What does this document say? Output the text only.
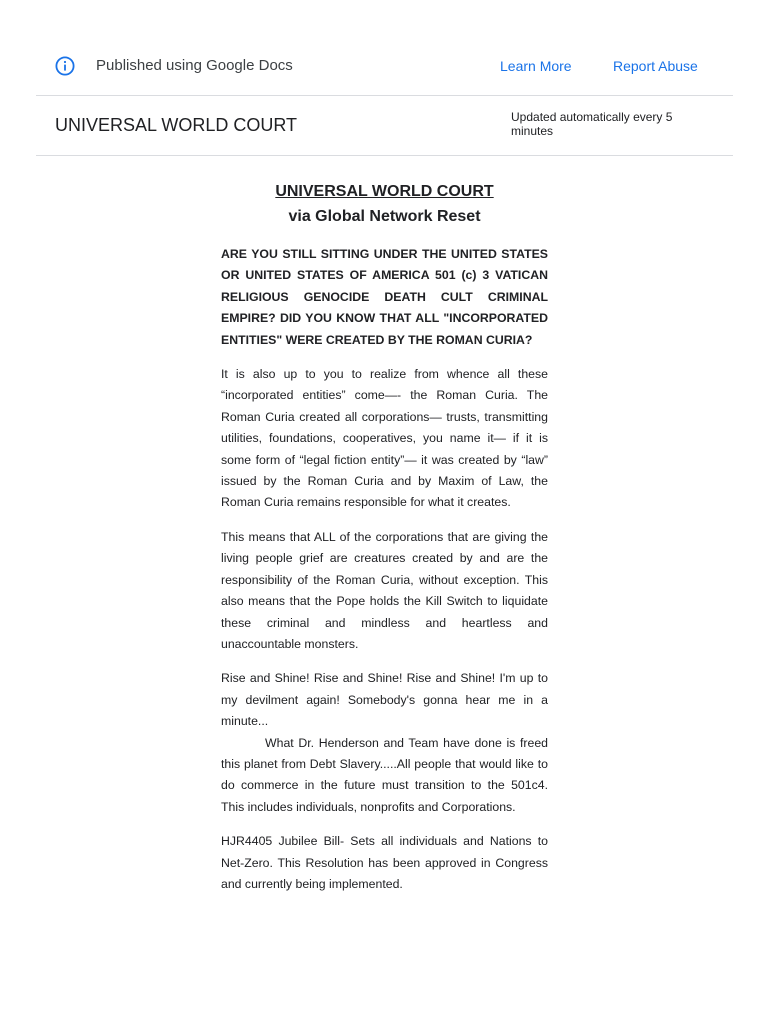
Published using Google Docs	Learn More	Report Abuse
UNIVERSAL WORLD COURT	Updated automatically every 5 minutes
UNIVERSAL WORLD COURT
via Global Network Reset

ARE YOU STILL SITTING UNDER THE UNITED STATES OR UNITED STATES OF AMERICA 501 (c) 3 VATICAN RELIGIOUS GENOCIDE DEATH CULT CRIMINAL EMPIRE? DID YOU KNOW THAT ALL "INCORPORATED ENTITIES" WERE CREATED BY THE ROMAN CURIA?

It is also up to you to realize from whence all these “incorporated entities” come—- the Roman Curia. The Roman Curia created all corporations— trusts, transmitting utilities, foundations, cooperatives, you name it— if it is some form of “legal fiction entity”— it was created by “law” issued by the Roman Curia and by Maxim of Law, the Roman Curia remains responsible for what it creates.

This means that ALL of the corporations that are giving the living people grief are creatures created by and are the responsibility of the Roman Curia, without exception. This also means that the Pope holds the Kill Switch to liquidate these criminal and mindless and heartless and unaccountable monsters.

Rise and Shine! Rise and Shine! Rise and Shine! I'm up to my devilment again! Somebody's gonna hear me in a minute...

What Dr. Henderson and Team have done is freed this planet from Debt Slavery.....All people that would like to do commerce in the future must transition to the 501c4. This includes individuals, nonprofits and Corporations.

HJR4405 Jubilee Bill- Sets all individuals and Nations to Net-Zero. This Resolution has been approved in Congress and currently being implemented.
